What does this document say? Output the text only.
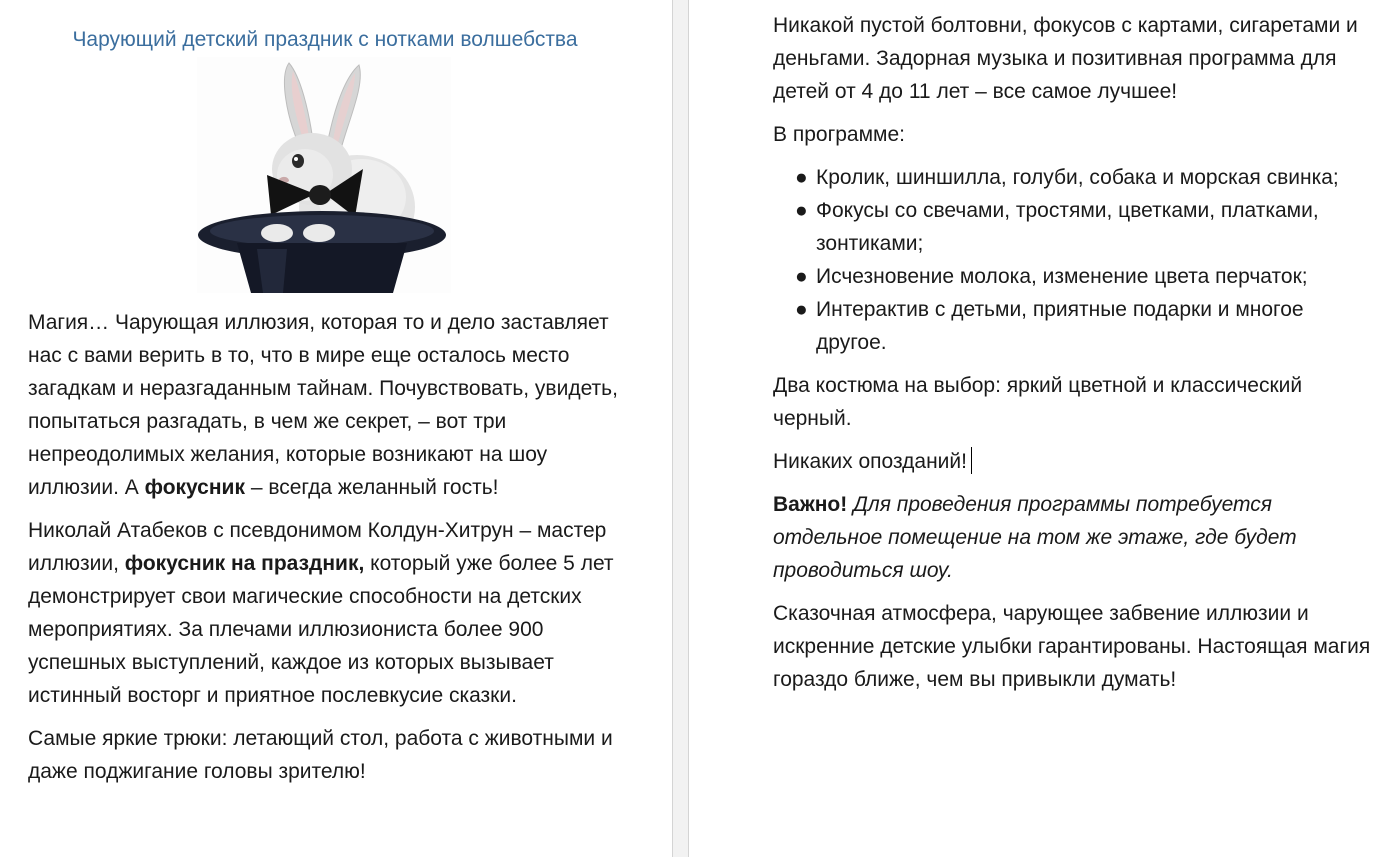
Чарующий детский праздник с нотками волшебства

Магия… Чарующая иллюзия, которая то и дело заставляет нас с вами верить в то, что в мире еще осталось место загадкам и неразгаданным тайнам. Почувствовать, увидеть, попытаться разгадать, в чем же секрет, – вот три непреодолимых желания, которые возникают на шоу иллюзии. А фокусник – всегда желанный гость!

Николай Атабеков с псевдонимом Колдун-Хитрун – мастер иллюзии, фокусник на праздник, который уже более 5 лет демонстрирует свои магические способности на детских мероприятиях. За плечами иллюзиониста более 900 успешных выступлений, каждое из которых вызывает истинный восторг и приятное послевкусие сказки.

Самые яркие трюки: летающий стол, работа с животными и даже поджигание головы зрителю!

Никакой пустой болтовни, фокусов с картами, сигаретами и деньгами. Задорная музыка и позитивная программа для детей от 4 до 11 лет – все самое лучшее!

В программе:

● Кролик, шиншилла, голуби, собака и морская свинка;
● Фокусы со свечами, тростями, цветками, платками, зонтиками;
● Исчезновение молока, изменение цвета перчаток;
● Интерактив с детьми, приятные подарки и многое другое.

Два костюма на выбор: яркий цветной и классический черный.

Никаких опозданий!

Важно! Для проведения программы потребуется отдельное помещение на том же этаже, где будет проводиться шоу.

Сказочная атмосфера, чарующее забвение иллюзии и искренние детские улыбки гарантированы. Настоящая магия гораздо ближе, чем вы привыкли думать!
